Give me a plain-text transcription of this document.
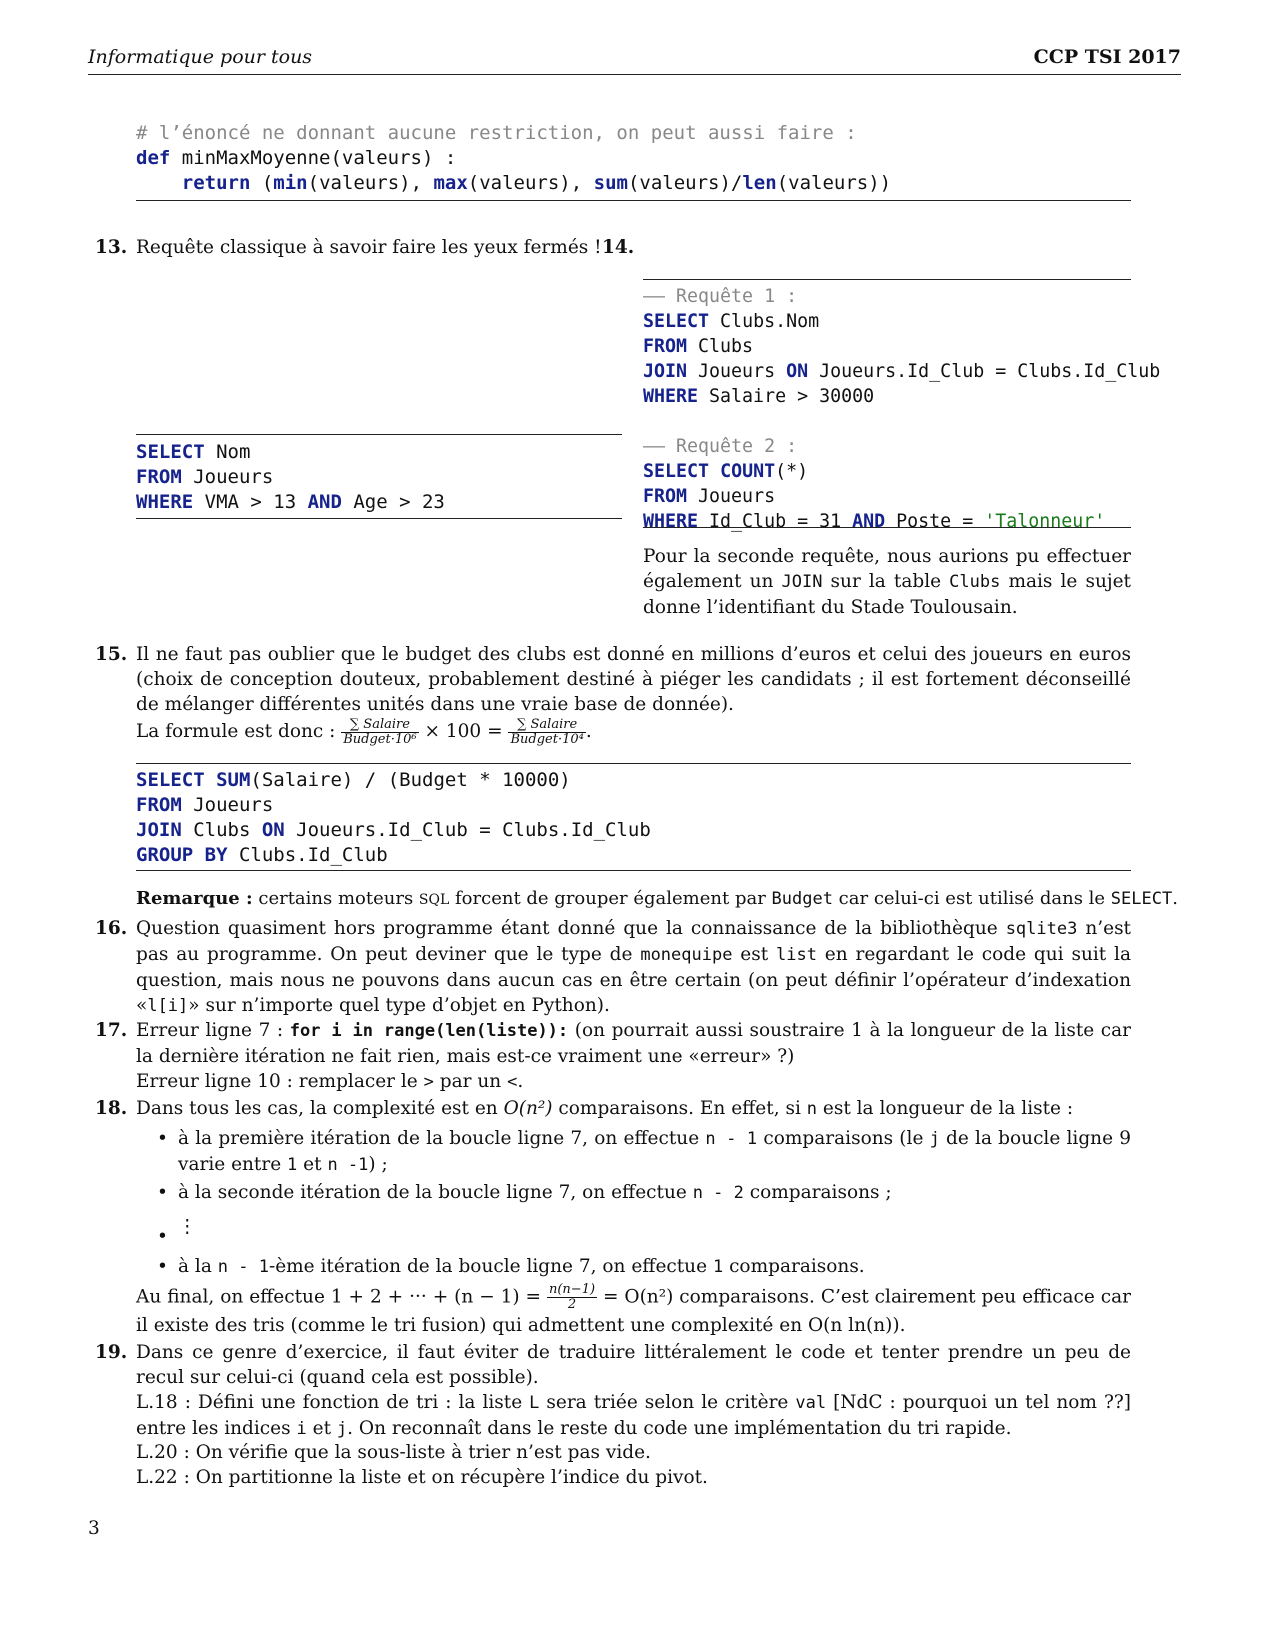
Informatique pour tous	CCP TSI 2017
# l’énoncé ne donnant aucune restriction, on peut aussi faire :
def minMaxMoyenne(valeurs) :
return (min(valeurs), max(valeurs), sum(valeurs)/len(valeurs))
13. Requête classique à savoir faire les yeux fermés !
SELECT Nom
FROM Joueurs
WHERE VMA > 13 AND Age > 23
14.
—— Requête 1 :
SELECT Clubs.Nom
FROM Clubs
JOIN Joueurs ON Joueurs.Id_Club = Clubs.Id_Club
WHERE Salaire > 30000

—— Requête 2 :
SELECT COUNT(*)
FROM Joueurs
WHERE Id_Club = 31 AND Poste = 'Talonneur'
Pour la seconde requête, nous aurions pu effectuer également un JOIN sur la table Clubs mais le sujet donne l’identifiant du Stade Toulousain.
15. Il ne faut pas oublier que le budget des clubs est donné en millions d’euros et celui des joueurs en euros (choix de conception douteux, probablement destiné à piéger les candidats ; il est fortement déconseillé de mélanger différentes unités dans une vraie base de donnée).
La formule est donc : $\frac{\text{∑ Salaire}}{\text{Budget·10⁶}} \times 100 = \frac{\text{∑ Salaire}}{\text{Budget·10⁴}}$ .
SELECT SUM(Salaire) / (Budget * 10000)
FROM Joueurs
JOIN Clubs ON Joueurs.Id_Club = Clubs.Id_Club
GROUP BY Clubs.Id_Club
Remarque : certains moteurs SQL forcent de grouper également par Budget car celui-ci est utilisé dans le SELECT.
16. Question quasiment hors programme étant donné que la connaissance de la bibliothèque sqlite3 n’est pas au programme. On peut deviner que le type de monequipe est list en regardant le code qui suit la question, mais nous ne pouvons dans aucun cas en être certain (on peut définir l’opérateur d’indexation «l[i]» sur n’importe quel type d’objet en Python).
17. Erreur ligne 7 : for i in range(len(liste)): (on pourrait aussi soustraire 1 à la longueur de la liste car la dernière itération ne fait rien, mais est-ce vraiment une «erreur» ?)
Erreur ligne 10 : remplacer le > par un <.
18. Dans tous les cas, la complexité est en O(n²) comparaisons. En effet, si n est la longueur de la liste :
• à la première itération de la boucle ligne 7, on effectue n - 1 comparaisons (le j de la boucle ligne 9 varie entre 1 et n -1) ;
• à la seconde itération de la boucle ligne 7, on effectue n - 2 comparaisons ;
• ⋮
• à la n - 1-ème itération de la boucle ligne 7, on effectue 1 comparaisons.
Au final, on effectue 1 + 2 + ··· + $(n - 1) = \frac{n(n-1)}{2} = O(n^2)$ comparaisons. C’est clairement peu efficace car il existe des tris (comme le tri fusion) qui admettent une complexité en O(n ln(n)).
19. Dans ce genre d’exercice, il faut éviter de traduire littéralement le code et tenter prendre un peu de recul sur celui-ci (quand cela est possible).
L.18 : Défini une fonction de tri : la liste L sera triée selon le critère val [NdC : pourquoi un tel nom ??] entre les indices i et j. On reconnaît dans le reste du code une implémentation du tri rapide.
L.20 : On vérifie que la sous-liste à trier n’est pas vide.
L.22 : On partitionne la liste et on récupère l’indice du pivot.
3
